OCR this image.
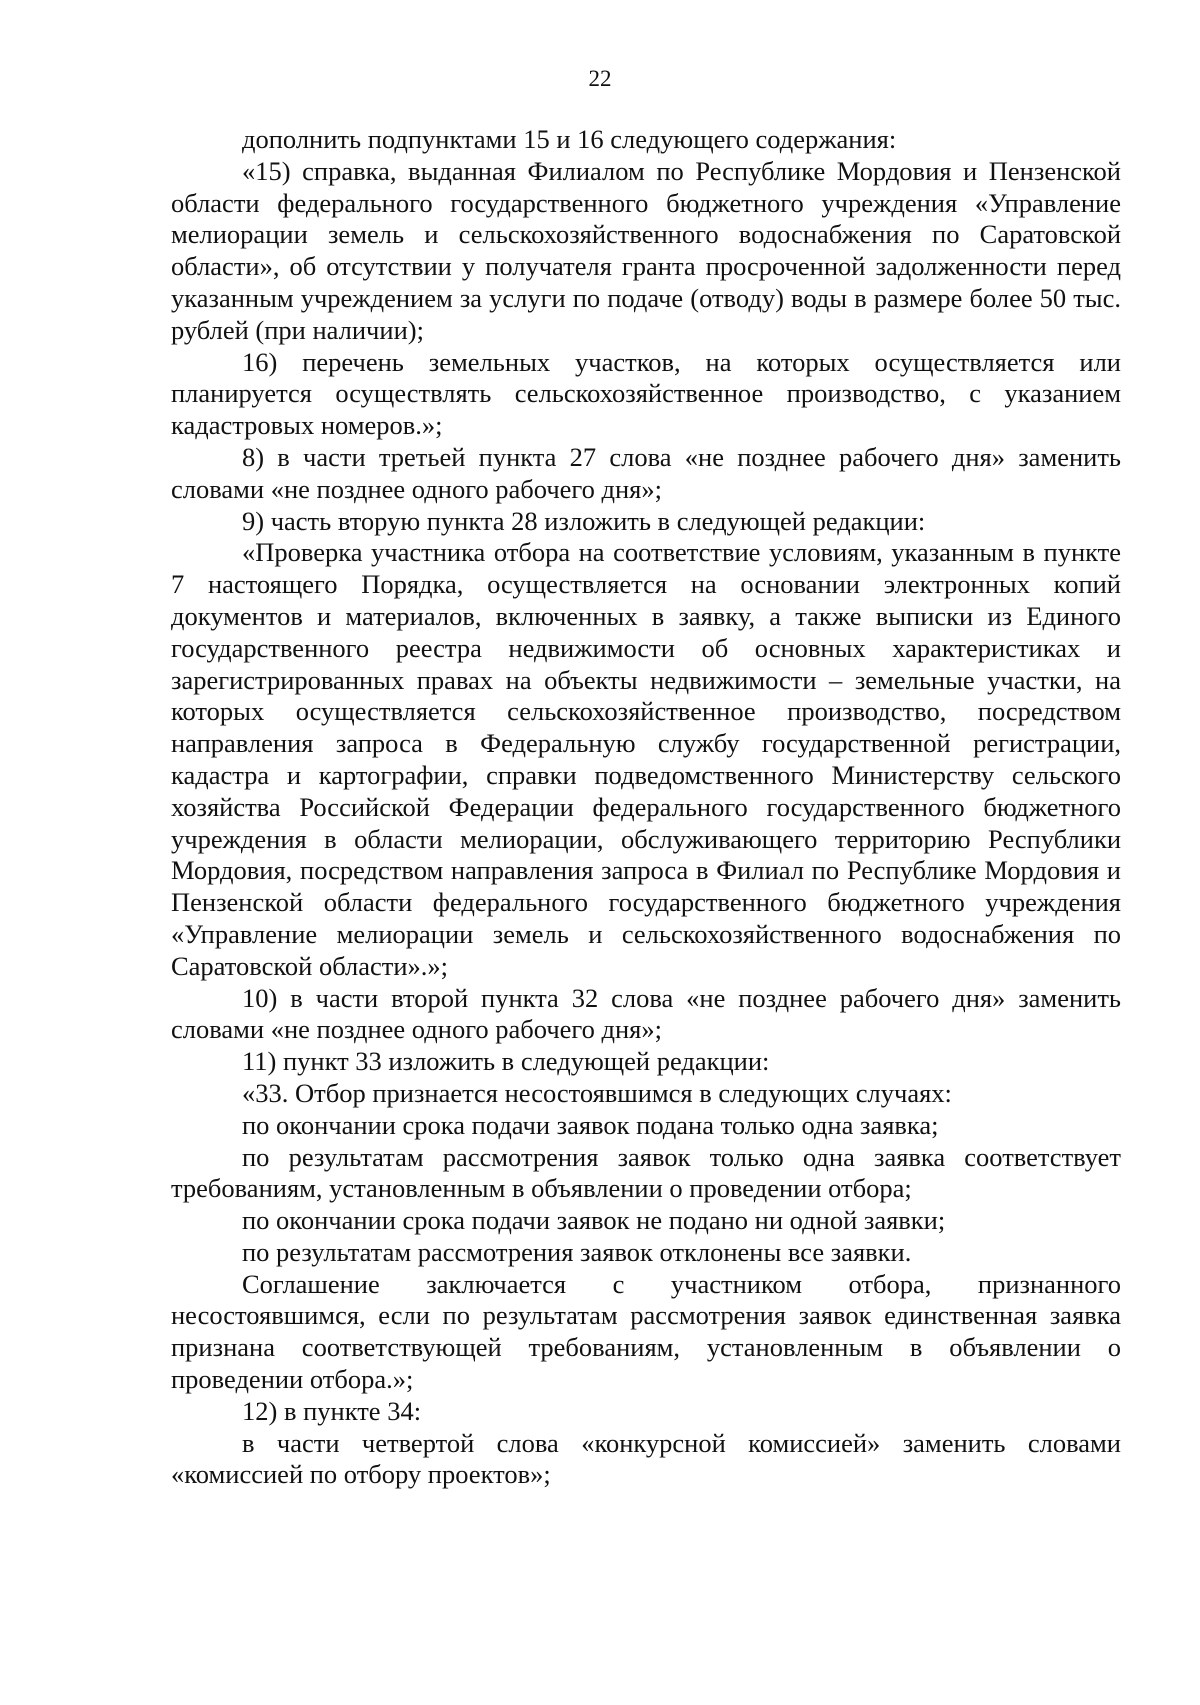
22

дополнить подпунктами 15 и 16 следующего содержания:

«15) справка, выданная Филиалом по Республике Мордовия и Пензенской области федерального государственного бюджетного учреждения «Управление мелиорации земель и сельскохозяйственного водоснабжения по Саратовской области», об отсутствии у получателя гранта просроченной задолженности перед указанным учреждением за услуги по подаче (отводу) воды в размере более 50 тыс. рублей (при наличии);

16) перечень земельных участков, на которых осуществляется или планируется осуществлять сельскохозяйственное производство, с указанием кадастровых номеров.»;

8) в части третьей пункта 27 слова «не позднее рабочего дня» заменить словами «не позднее одного рабочего дня»;

9) часть вторую пункта 28 изложить в следующей редакции:

«Проверка участника отбора на соответствие условиям, указанным в пункте 7 настоящего Порядка, осуществляется на основании электронных копий документов и материалов, включенных в заявку, а также выписки из Единого государственного реестра недвижимости об основных характеристиках и зарегистрированных правах на объекты недвижимости – земельные участки, на которых осуществляется сельскохозяйственное производство, посредством направления запроса в Федеральную службу государственной регистрации, кадастра и картографии, справки подведомственного Министерству сельского хозяйства Российской Федерации федерального государственного бюджетного учреждения в области мелиорации, обслуживающего территорию Республики Мордовия, посредством направления запроса в Филиал по Республике Мордовия и Пензенской области федерального государственного бюджетного учреждения «Управление мелиорации земель и сельскохозяйственного водоснабжения по Саратовской области».»;

10) в части второй пункта 32 слова «не позднее рабочего дня» заменить словами «не позднее одного рабочего дня»;

11) пункт 33 изложить в следующей редакции:

«33. Отбор признается несостоявшимся в следующих случаях:

по окончании срока подачи заявок подана только одна заявка;

по результатам рассмотрения заявок только одна заявка соответствует требованиям, установленным в объявлении о проведении отбора;

по окончании срока подачи заявок не подано ни одной заявки;

по результатам рассмотрения заявок отклонены все заявки.

Соглашение заключается с участником отбора, признанного несостоявшимся, если по результатам рассмотрения заявок единственная заявка признана соответствующей требованиям, установленным в объявлении о проведении отбора.»;

12) в пункте 34:

в части четвертой слова «конкурсной комиссией» заменить словами «комиссией по отбору проектов»;
